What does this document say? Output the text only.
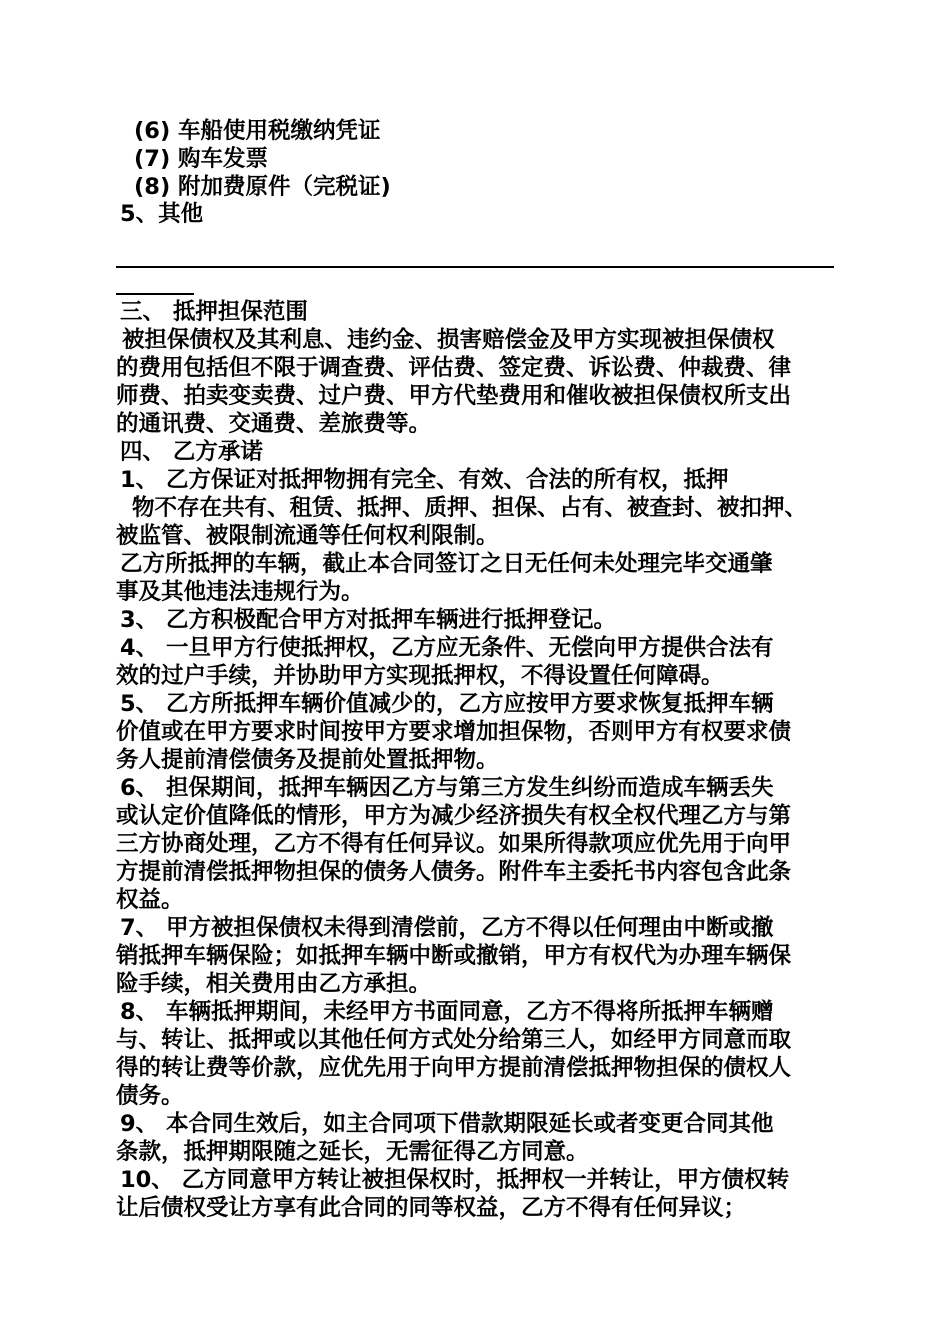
(6) 车船使用税缴纳凭证
(7) 购车发票
(8) 附加费原件（完税证)
5、其他
三、 抵押担保范围
被担保债权及其利息、违约金、损害赔偿金及甲方实现被担保债权
的费用包括但不限于调查费、评估费、签定费、诉讼费、仲裁费、律
师费、拍卖变卖费、过户费、甲方代垫费用和催收被担保债权所支出
的通讯费、交通费、差旅费等。
四、 乙方承诺
1、 乙方保证对抵押物拥有完全、有效、合法的所有权，抵押
物不存在共有、租赁、抵押、质押、担保、占有、被查封、被扣押、
被监管、被限制流通等任何权利限制。
乙方所抵押的车辆，截止本合同签订之日无任何未处理完毕交通肇
事及其他违法违规行为。
3、 乙方积极配合甲方对抵押车辆进行抵押登记。
4、 一旦甲方行使抵押权，乙方应无条件、无偿向甲方提供合法有
效的过户手续，并协助甲方实现抵押权，不得设置任何障碍。
5、 乙方所抵押车辆价值减少的，乙方应按甲方要求恢复抵押车辆
价值或在甲方要求时间按甲方要求增加担保物，否则甲方有权要求债
务人提前清偿债务及提前处置抵押物。
6、 担保期间，抵押车辆因乙方与第三方发生纠纷而造成车辆丢失
或认定价值降低的情形，甲方为减少经济损失有权全权代理乙方与第
三方协商处理，乙方不得有任何异议。如果所得款项应优先用于向甲
方提前清偿抵押物担保的债务人债务。附件车主委托书内容包含此条
权益。
7、 甲方被担保债权未得到清偿前，乙方不得以任何理由中断或撤
销抵押车辆保险；如抵押车辆中断或撤销，甲方有权代为办理车辆保
险手续，相关费用由乙方承担。
8、 车辆抵押期间，未经甲方书面同意，乙方不得将所抵押车辆赠
与、转让、抵押或以其他任何方式处分给第三人，如经甲方同意而取
得的转让费等价款，应优先用于向甲方提前清偿抵押物担保的债权人
债务。
9、 本合同生效后，如主合同项下借款期限延长或者变更合同其他
条款，抵押期限随之延长，无需征得乙方同意。
10、 乙方同意甲方转让被担保权时，抵押权一并转让，甲方债权转
让后债权受让方享有此合同的同等权益，乙方不得有任何异议；
